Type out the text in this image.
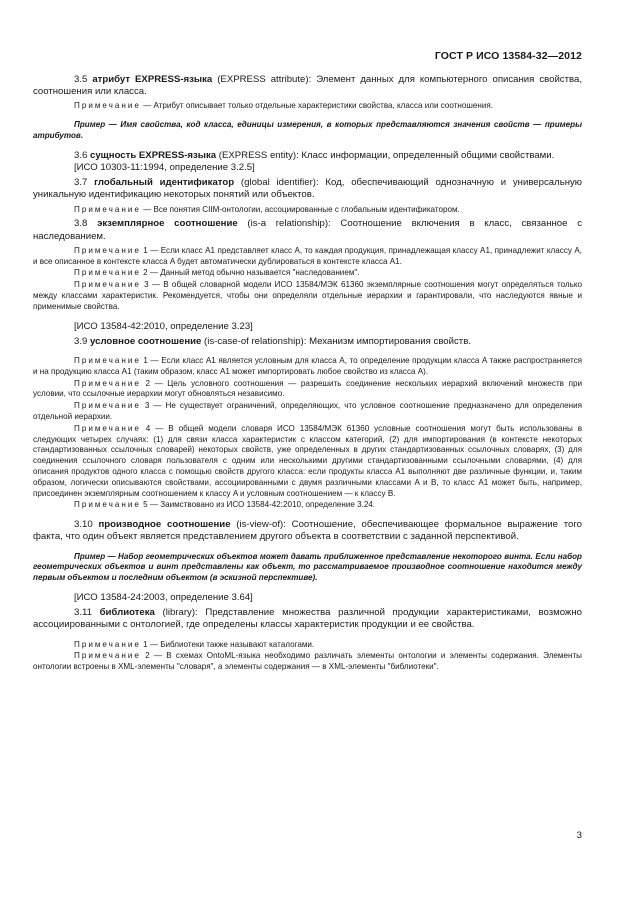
ГОСТ Р ИСО 13584-32—2012

3.5 атрибут EXPRESS-языка (EXPRESS attribute): Элемент данных для компьютерного описания свойства, соотношения или класса.

Примечание — Атрибут описывает только отдельные характеристики свойства, класса или соотношения.

Пример — Имя свойства, код класса, единицы измерения, в которых представляются значения свойств — примеры атрибутов.

3.6 сущность EXPRESS-языка (EXPRESS entity): Класс информации, определенный общими свойствами.

[ИСО 10303-11:1994, определение 3.2.5]

3.7 глобальный идентификатор (global identifier): Код, обеспечивающий однозначную и универсальную уникальную идентификацию некоторых понятий или объектов.

Примечание — Все понятия CIIM-онтологии, ассоциированные с глобальным идентификатором.

3.8 экземплярное соотношение (is-a relationship): Соотношение включения в класс, связанное с наследованием.

Примечание 1 — Если класс A1 представляет класс A, то каждая продукция, принадлежащая классу A1, принадлежит классу A, и все описанное в контексте класса A будет автоматически дублироваться в контексте класса A1.

Примечание 2 — Данный метод обычно называется "наследованием".

Примечание 3 — В общей словарной модели ИСО 13584/МЭК 61360 экземплярные соотношения могут определяться только между классами характеристик. Рекомендуется, чтобы они определяли отдельные иерархии и гарантировали, что наследуются явные и применимые свойства.

[ИСО 13584-42:2010, определение 3.23]

3.9 условное соотношение (is-case-of relationship): Механизм импортирования свойств.

Примечание 1 — Если класс A1 является условным для класса A, то определение продукции класса A также распространяется и на продукцию класса A1 (таким образом, класс A1 может импортировать любое свойство из класса A).

Примечание 2 — Цель условного соотношения — разрешить соединение нескольких иерархий включений множеств при условии, что ссылочные иерархии могут обновляться независимо.

Примечание 3 — Не существует ограничений, определяющих, что условное соотношение предназначено для определения отдельной иерархии.

Примечание 4 — В общей модели словаря ИСО 13584/МЭК 61360 условные соотношения могут быть использованы в следующих четырех случаях: (1) для связи класса характеристик с классом категорий, (2) для импортирования (в контексте некоторых стандартизованных ссылочных словарей) некоторых свойств, уже определенных в других стандартизованных ссылочных словарях, (3) для соединения ссылочного словаря пользователя с одним или несколькими другими стандартизованными ссылочными словарями, (4) для описания продуктов одного класса с помощью свойств другого класса: если продукты класса A1 выполняют две различные функции, и, таким образом, логически описываются свойствами, ассоциированными с двумя различными классами A и B, то класс A1 может быть, например, присоединен экземплярным соотношением к классу A и условным соотношением — к классу B.

Примечание 5 — Заимствовано из ИСО 13584-42:2010, определение 3.24.

3.10 производное соотношение (is-view-of): Соотношение, обеспечивающее формальное выражение того факта, что один объект является представлением другого объекта в соответствии с заданной перспективой.

Пример — Набор геометрических объектов может давать приближенное представление некоторого винта. Если набор геометрических объектов и винт представлены как объект, то рассматриваемое производное соотношение находится между первым объектом и последним объектом (в эскизной перспективе).

[ИСО 13584-24:2003, определение 3.64]

3.11 библиотека (library): Представление множества различной продукции характеристиками, возможно ассоциированными с онтологией, где определены классы характеристик продукции и ее свойства.

Примечание 1 — Библиотеки также называют каталогами.

Примечание 2 — В схемах OntoML-языка необходимо различать элементы онтологии и элементы содержания. Элементы онтологии встроены в XML-элементы "словаря", а элементы содержания — в XML-элементы "библиотеки".

3
